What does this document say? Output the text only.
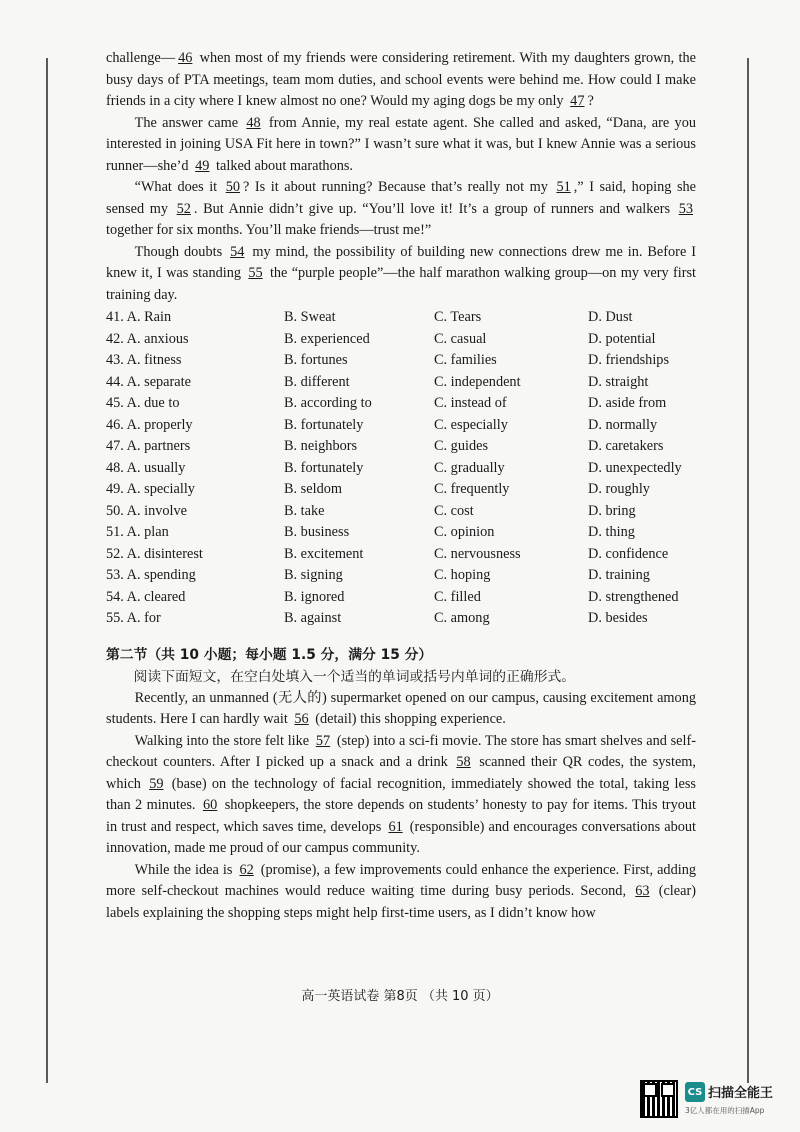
challenge— 46 when most of my friends were considering retirement. With my daughters grown, the busy days of PTA meetings, team mom duties, and school events were behind me. How could I make friends in a city where I knew almost no one? Would my aging dogs be my only 47 ?

The answer came 48 from Annie, my real estate agent. She called and asked, “Dana, are you interested in joining USA Fit here in town?” I wasn’t sure what it was, but I knew Annie was a serious runner—she’d 49 talked about marathons.

“What does it 50 ? Is it about running? Because that’s really not my 51 ,” I said, hoping she sensed my 52 . But Annie didn’t give up. “You’ll love it! It’s a group of runners and walkers 53 together for six months. You’ll make friends—trust me!”

Though doubts 54 my mind, the possibility of building new connections drew me in. Before I knew it, I was standing 55 the “purple people”—the half marathon walking group—on my very first training day.

41. A. Rain	B. Sweat	C. Tears	D. Dust
42. A. anxious	B. experienced	C. casual	D. potential
43. A. fitness	B. fortunes	C. families	D. friendships
44. A. separate	B. different	C. independent	D. straight
45. A. due to	B. according to	C. instead of	D. aside from
46. A. properly	B. fortunately	C. especially	D. normally
47. A. partners	B. neighbors	C. guides	D. caretakers
48. A. usually	B. fortunately	C. gradually	D. unexpectedly
49. A. specially	B. seldom	C. frequently	D. roughly
50. A. involve	B. take	C. cost	D. bring
51. A. plan	B. business	C. opinion	D. thing
52. A. disinterest	B. excitement	C. nervousness	D. confidence
53. A. spending	B. signing	C. hoping	D. training
54. A. cleared	B. ignored	C. filled	D. strengthened
55. A. for	B. against	C. among	D. besides
第二节（共 10 小题；每小题 1.5 分，满分 15 分）
阅读下面短文，在空白处填入一个适当的单词或括号内单词的正确形式。

Recently, an unmanned (无人的) supermarket opened on our campus, causing excitement among students. Here I can hardly wait 56 (detail) this shopping experience.

Walking into the store felt like 57 (step) into a sci-fi movie. The store has smart shelves and self-checkout counters. After I picked up a snack and a drink 58 scanned their QR codes, the system, which 59 (base) on the technology of facial recognition, immediately showed the total, taking less than 2 minutes. 60 shopkeepers, the store depends on students’ honesty to pay for items. This tryout in trust and respect, which saves time, develops 61 (responsible) and encourages conversations about innovation, made me proud of our campus community.

While the idea is 62 (promise), a few improvements could enhance the experience. First, adding more self-checkout machines would reduce waiting time during busy periods. Second, 63 (clear) labels explaining the shopping steps might help first-time users, as I didn’t know how

高一英语试卷 第8页 （共 10 页）
CS 扫描全能王
3亿人都在用的扫描App
